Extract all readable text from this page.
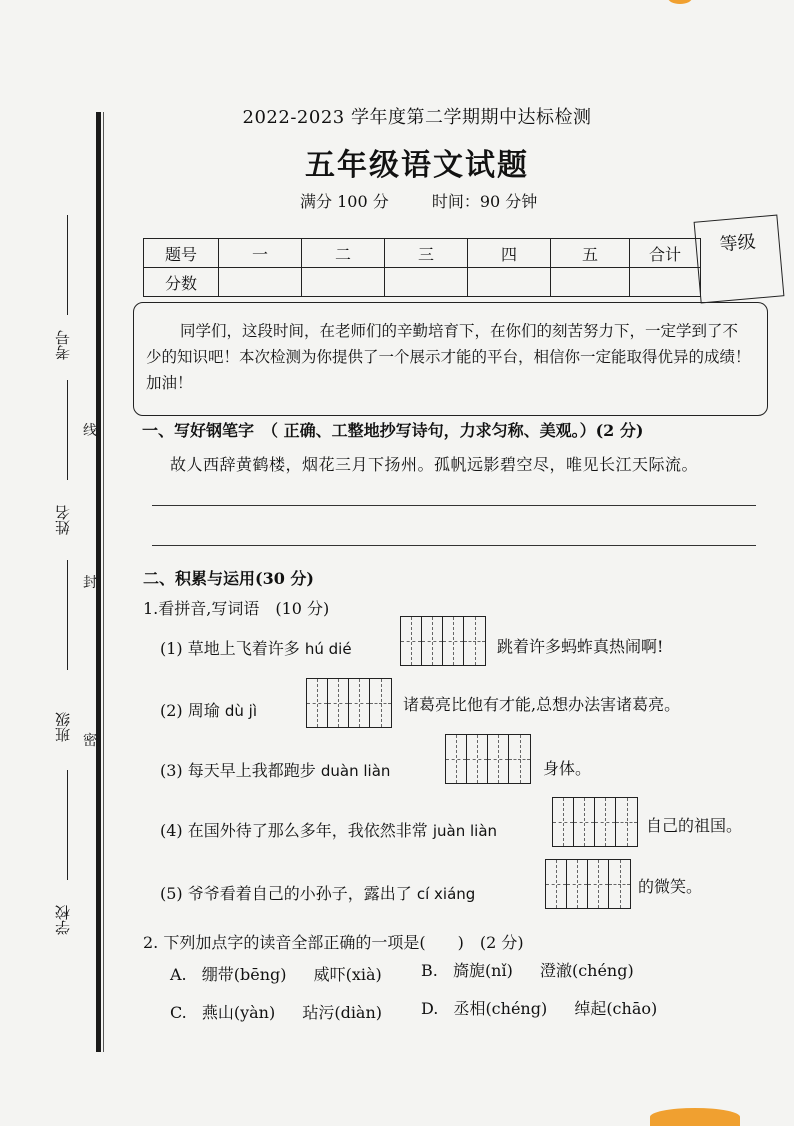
考号
姓名
班级
学校
线
封
密
2022-2023 学年度第二学期期中达标检测
五年级语文试题
满分 100 分	时间：90 分钟
题号	一	二	三	四	五	合计
分数						
等级
同学们，这段时间，在老师们的辛勤培育下，在你们的刻苦努力下，一定学到了不少的知识吧！本次检测为你提供了一个展示才能的平台，相信你一定能取得优异的成绩！加油！
一、写好钢笔字　（ 正确、工整地抄写诗句，力求匀称、美观。）(2 分)
故人西辞黄鹤楼，烟花三月下扬州。孤帆远影碧空尽，唯见长江天际流。
二、积累与运用(30 分)
1.看拼音,写词语　(10 分)
(1) 草地上飞着许多 hú dié	跳着许多蚂蚱真热闹啊!
(2) 周瑜 dù jì	诸葛亮比他有才能,总想办法害诸葛亮。
(3) 每天早上我都跑步 duàn liàn	身体。
(4) 在国外待了那么多年，我依然非常 juàn liàn	自己的祖国。
(5) 爷爷看着自己的小孙子，露出了 cí xiáng	的微笑。
2. 下列加点字的读音全部正确的一项是(　　)　(2 分)
A. 绷带(bēng) 威吓(xià) B. 旖旎(nǐ) 澄澈(chéng)
C. 燕山(yàn) 玷污(diàn) D. 丞相(chéng) 绰起(chāo)
